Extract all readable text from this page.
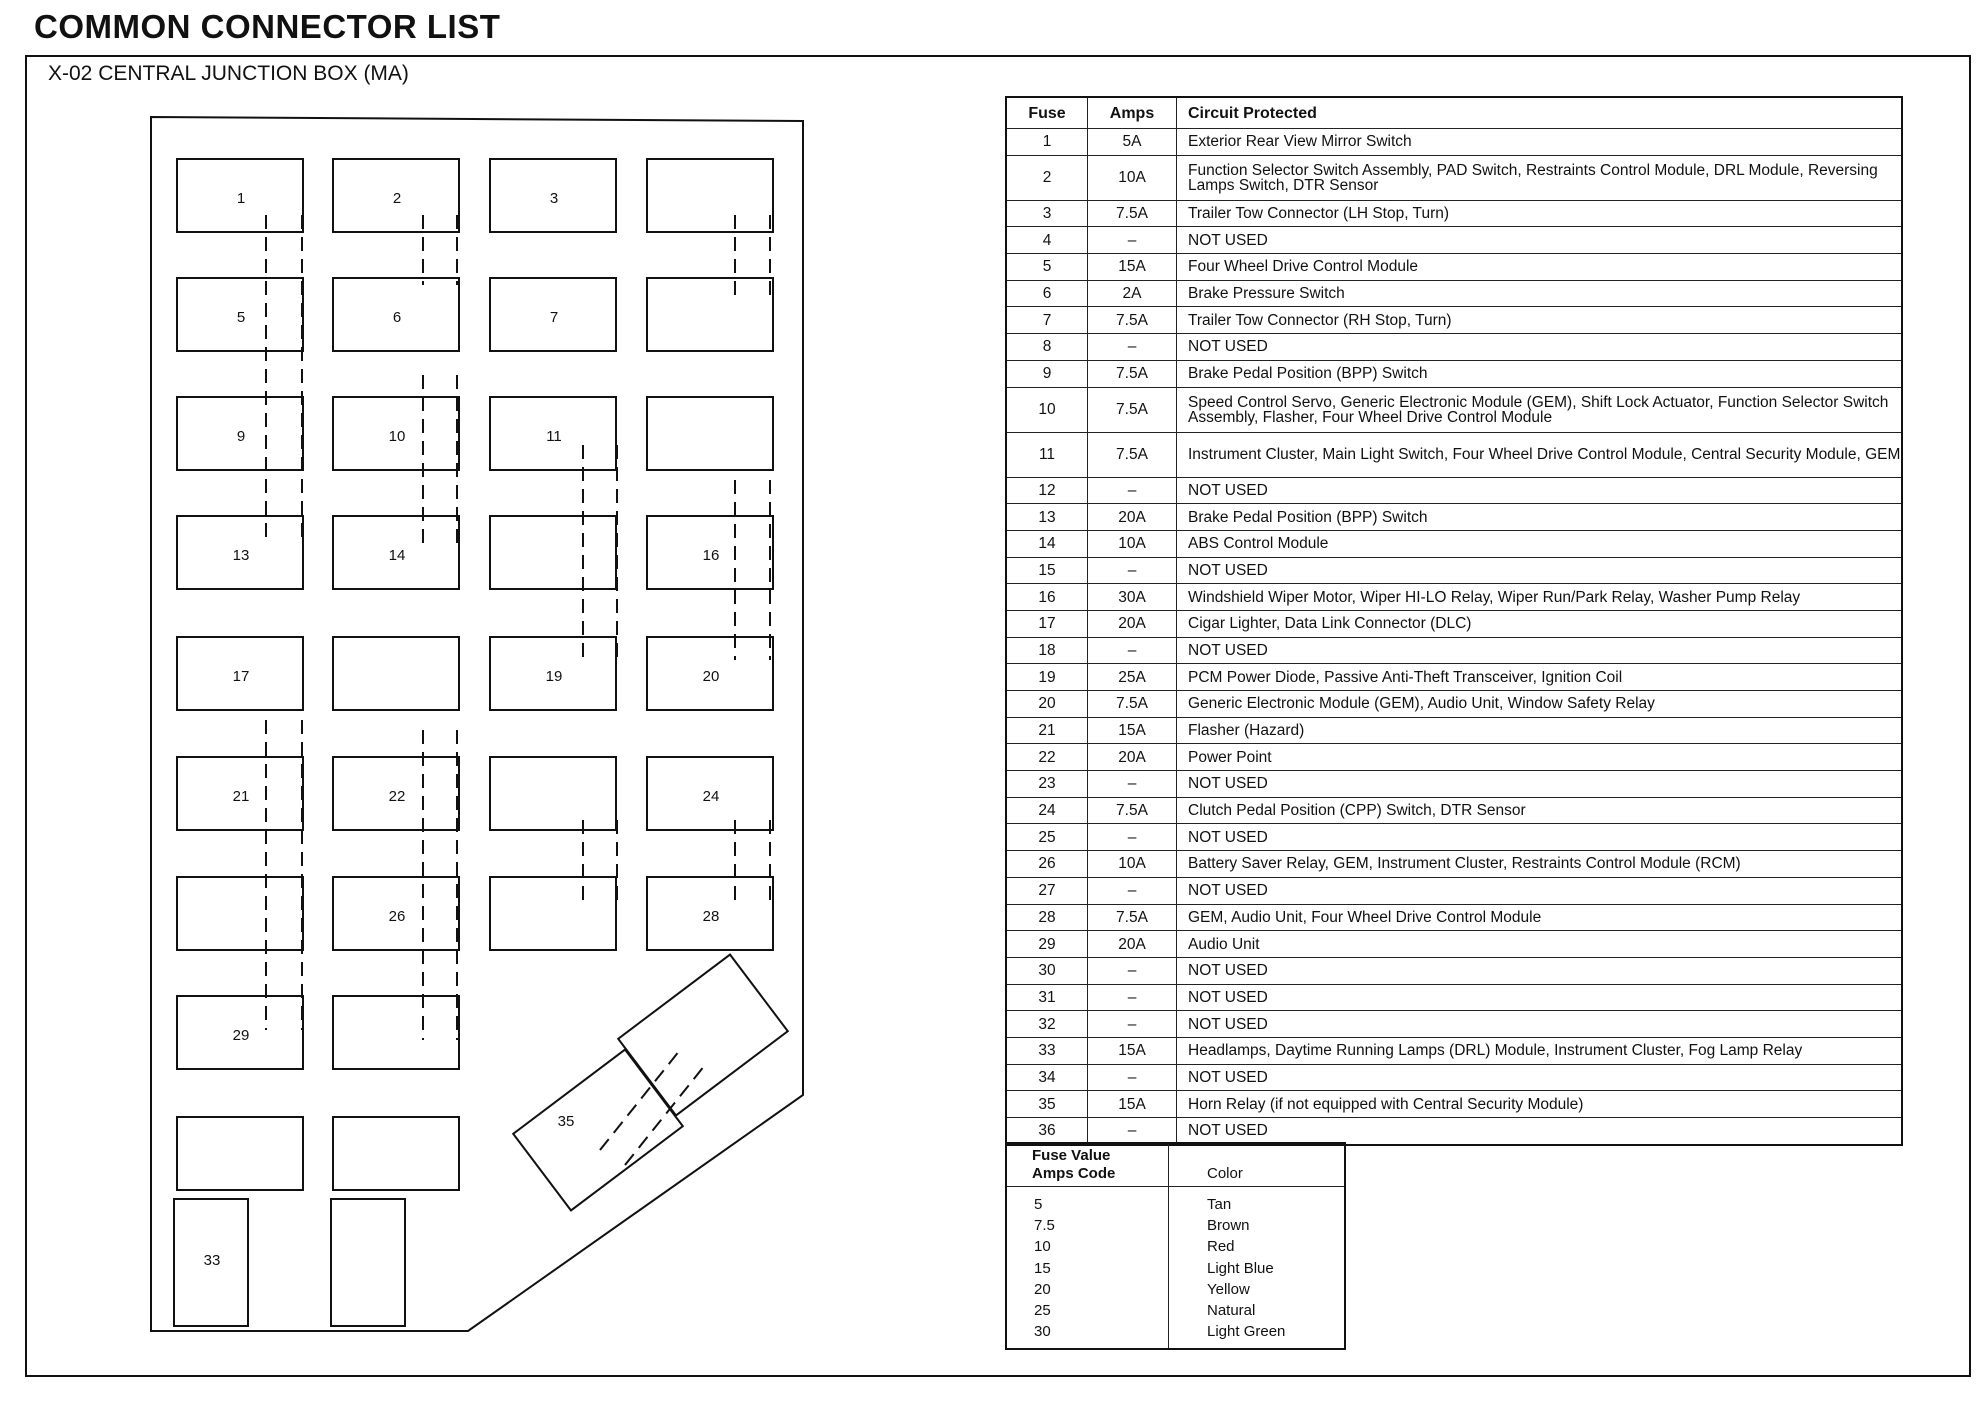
COMMON CONNECTOR LIST
X-02 CENTRAL JUNCTION BOX (MA)
1	2	3
5	6	7
9	10	11
13	14	16
17	19	20
21	22	24
26	28
29
33
35
Fuse	Amps	Circuit Protected
1	5A	Exterior Rear View Mirror Switch
2	10A	Function Selector Switch Assembly, PAD Switch, Restraints Control Module, DRL Module, Reversing Lamps Switch, DTR Sensor
3	7.5A	Trailer Tow Connector (LH Stop, Turn)
4	–	NOT USED
5	15A	Four Wheel Drive Control Module
6	2A	Brake Pressure Switch
7	7.5A	Trailer Tow Connector (RH Stop, Turn)
8	–	NOT USED
9	7.5A	Brake Pedal Position (BPP) Switch
10	7.5A	Speed Control Servo, Generic Electronic Module (GEM), Shift Lock Actuator, Function Selector Switch Assembly, Flasher, Four Wheel Drive Control Module
11	7.5A	Instrument Cluster, Main Light Switch, Four Wheel Drive Control Module, Central Security Module, GEM
12	–	NOT USED
13	20A	Brake Pedal Position (BPP) Switch
14	10A	ABS Control Module
15	–	NOT USED
16	30A	Windshield Wiper Motor, Wiper HI-LO Relay, Wiper Run/Park Relay, Washer Pump Relay
17	20A	Cigar Lighter, Data Link Connector (DLC)
18	–	NOT USED
19	25A	PCM Power Diode, Passive Anti-Theft Transceiver, Ignition Coil
20	7.5A	Generic Electronic Module (GEM), Audio Unit, Window Safety Relay
21	15A	Flasher (Hazard)
22	20A	Power Point
23	–	NOT USED
24	7.5A	Clutch Pedal Position (CPP) Switch, DTR Sensor
25	–	NOT USED
26	10A	Battery Saver Relay, GEM, Instrument Cluster, Restraints Control Module (RCM)
27	–	NOT USED
28	7.5A	GEM, Audio Unit, Four Wheel Drive Control Module
29	20A	Audio Unit
30	–	NOT USED
31	–	NOT USED
32	–	NOT USED
33	15A	Headlamps, Daytime Running Lamps (DRL) Module, Instrument Cluster, Fog Lamp Relay
34	–	NOT USED
35	15A	Horn Relay (if not equipped with Central Security Module)
36	–	NOT USED
Fuse Value
Amps Code	Color
5	Tan
7.5	Brown
10	Red
15	Light Blue
20	Yellow
25	Natural
30	Light Green
